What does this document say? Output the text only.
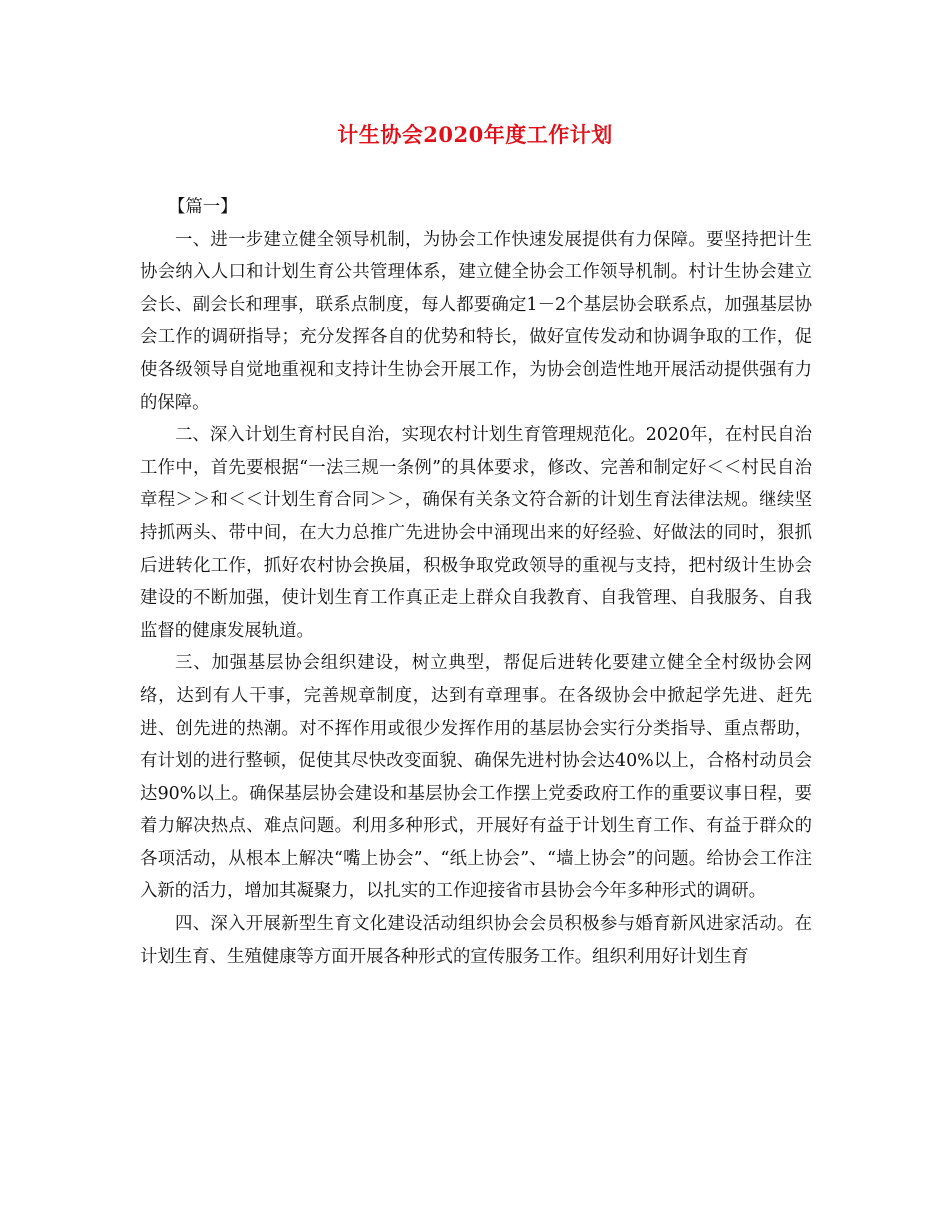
计生协会2020年度工作计划

【篇一】

一、进一步建立健全领导机制，为协会工作快速发展提供有力保障。要坚持把计生协会纳入人口和计划生育公共管理体系，建立健全协会工作领导机制。村计生协会建立会长、副会长和理事，联系点制度，每人都要确定1－2个基层协会联系点，加强基层协会工作的调研指导；充分发挥各自的优势和特长，做好宣传发动和协调争取的工作，促使各级领导自觉地重视和支持计生协会开展工作，为协会创造性地开展活动提供强有力的保障。

二、深入计划生育村民自治，实现农村计划生育管理规范化。2020年，在村民自治工作中，首先要根据“一法三规一条例”的具体要求，修改、完善和制定好＜＜村民自治章程＞＞和＜＜计划生育合同＞＞，确保有关条文符合新的计划生育法律法规。继续坚持抓两头、带中间，在大力总推广先进协会中涌现出来的好经验、好做法的同时，狠抓后进转化工作，抓好农村协会换届，积极争取党政领导的重视与支持，把村级计生协会建设的不断加强，使计划生育工作真正走上群众自我教育、自我管理、自我服务、自我监督的健康发展轨道。

三、加强基层协会组织建设，树立典型，帮促后进转化要建立健全全村级协会网络，达到有人干事，完善规章制度，达到有章理事。在各级协会中掀起学先进、赶先进、创先进的热潮。对不挥作用或很少发挥作用的基层协会实行分类指导、重点帮助，有计划的进行整顿，促使其尽快改变面貌、确保先进村协会达40%以上，合格村动员会达90%以上。确保基层协会建设和基层协会工作摆上党委政府工作的重要议事日程，要着力解决热点、难点问题。利用多种形式，开展好有益于计划生育工作、有益于群众的各项活动，从根本上解决“嘴上协会”、“纸上协会”、“墙上协会”的问题。给协会工作注入新的活力，增加其凝聚力，以扎实的工作迎接省市县协会今年多种形式的调研。

四、深入开展新型生育文化建设活动组织协会会员积极参与婚育新风进家活动。在计划生育、生殖健康等方面开展各种形式的宣传服务工作。组织利用好计划生育
